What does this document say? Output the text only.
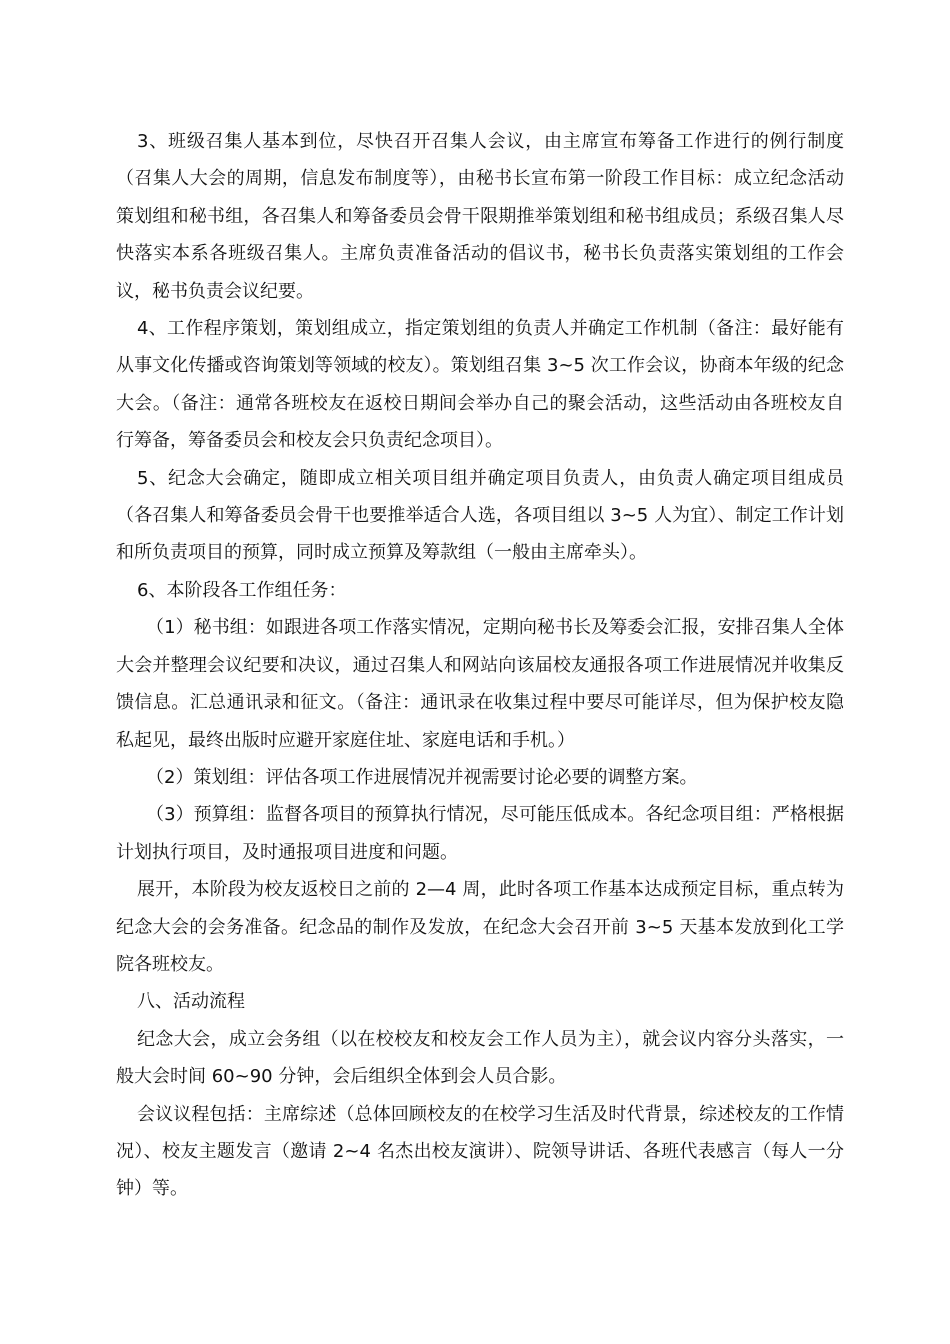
3、班级召集人基本到位，尽快召开召集人会议，由主席宣布筹备工作进行的例行制度（召集人大会的周期，信息发布制度等），由秘书长宣布第一阶段工作目标：成立纪念活动策划组和秘书组，各召集人和筹备委员会骨干限期推举策划组和秘书组成员；系级召集人尽快落实本系各班级召集人。主席负责准备活动的倡议书，秘书长负责落实策划组的工作会议，秘书负责会议纪要。

4、工作程序策划，策划组成立，指定策划组的负责人并确定工作机制（备注：最好能有从事文化传播或咨询策划等领域的校友）。策划组召集 3~5 次工作会议，协商本年级的纪念大会。（备注：通常各班校友在返校日期间会举办自己的聚会活动，这些活动由各班校友自行筹备，筹备委员会和校友会只负责纪念项目）。

5、纪念大会确定，随即成立相关项目组并确定项目负责人，由负责人确定项目组成员（各召集人和筹备委员会骨干也要推举适合人选，各项目组以 3~5 人为宜）、制定工作计划和所负责项目的预算，同时成立预算及筹款组（一般由主席牵头）。

6、本阶段各工作组任务：

（1）秘书组：如跟进各项工作落实情况，定期向秘书长及筹委会汇报，安排召集人全体大会并整理会议纪要和决议，通过召集人和网站向该届校友通报各项工作进展情况并收集反馈信息。汇总通讯录和征文。（备注：通讯录在收集过程中要尽可能详尽，但为保护校友隐私起见，最终出版时应避开家庭住址、家庭电话和手机。）

（2）策划组：评估各项工作进展情况并视需要讨论必要的调整方案。

（3）预算组：监督各项目的预算执行情况，尽可能压低成本。各纪念项目组：严格根据计划执行项目，及时通报项目进度和问题。

展开，本阶段为校友返校日之前的 2—4 周，此时各项工作基本达成预定目标，重点转为纪念大会的会务准备。纪念品的制作及发放，在纪念大会召开前 3~5 天基本发放到化工学院各班校友。

八、活动流程

纪念大会，成立会务组（以在校校友和校友会工作人员为主），就会议内容分头落实，一般大会时间 60~90 分钟，会后组织全体到会人员合影。

会议议程包括：主席综述（总体回顾校友的在校学习生活及时代背景，综述校友的工作情况）、校友主题发言（邀请 2~4 名杰出校友演讲）、院领导讲话、各班代表感言（每人一分钟）等。
